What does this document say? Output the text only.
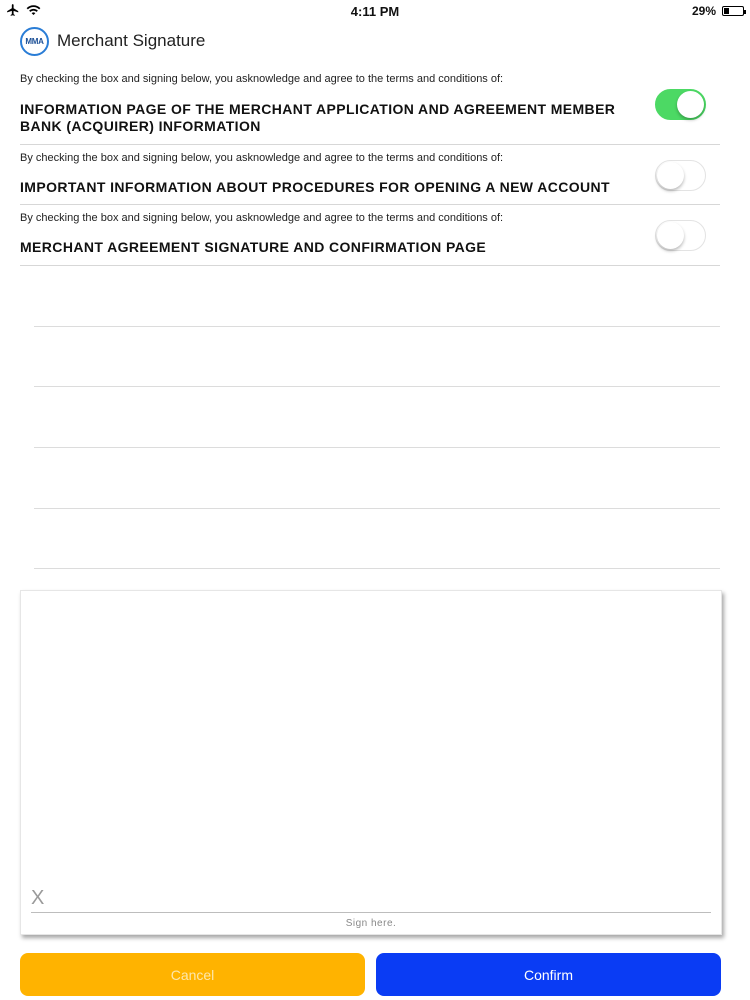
4:11 PM	29%
MMA Merchant Signature
By checking the box and signing below, you asknowledge and agree to the terms and conditions of:
INFORMATION PAGE OF THE MERCHANT APPLICATION AND AGREEMENT MEMBER BANK (ACQUIRER) INFORMATION
By checking the box and signing below, you asknowledge and agree to the terms and conditions of:
IMPORTANT INFORMATION ABOUT PROCEDURES FOR OPENING A NEW ACCOUNT
By checking the box and signing below, you asknowledge and agree to the terms and conditions of:
MERCHANT AGREEMENT SIGNATURE AND CONFIRMATION PAGE
X
Sign here.
Cancel	Confirm
